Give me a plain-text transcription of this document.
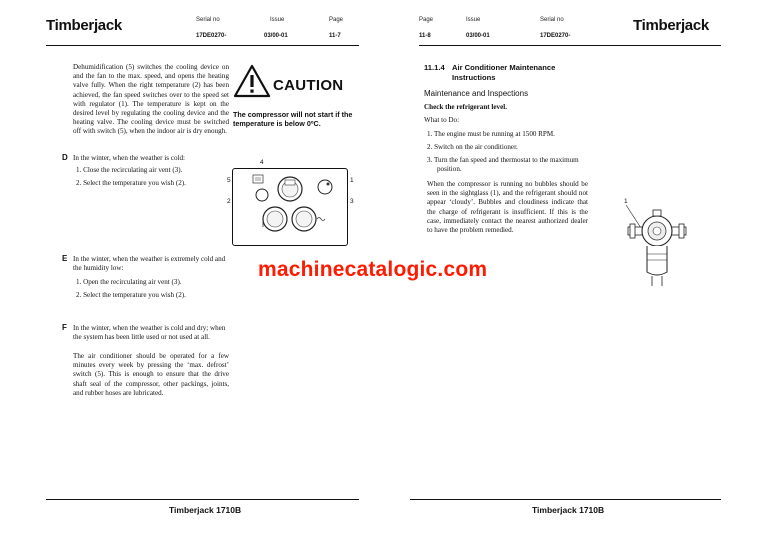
Timberjack	Serial no
17DE0270-
Issue
03/00-01
Page
11-7
Page
11-8
Issue
03/00-01
Serial no
17DE0270-
Timberjack

Dehumidification (5) switches the cooling device on and the fan to the max. speed, and opens the heating valve fully. When the right temperature (2) has been achieved, the fan speed switches over to the speed set with regulator (1). The temperature is kept on the desired level by regulating the cooling device and the heating valve. The cooling device must be switched off with switch (5), when the indoor air is dry enough.

CAUTION
The compressor will not start if the temperature is below 0ºC.
D In the winter, when the weather is cold:
1. Close the recirculating air vent (3).
2. Select the temperature you wish (2).
4
5	1
2	3
E In the winter, when the weather is extremely cold and the humidity low:
1. Open the recirculating air vent (3).
2. Select the temperature you wish (2).
F In the winter, when the weather is cold and dry; when the system has been little used or not used at all.

The air conditioner should be operated for a few minutes every week by pressing the ‘max. defrost’ switch (5). This is enough to ensure that the drive shaft seal of the compressor, other packings, joints, and rubber hoses are lubricated.

machinecatalogic.com
11.1.4 Air Conditioner Maintenance Instructions
Maintenance and Inspections
Check the refrigerant level.
What to Do:
1. The engine must be running at 1500 RPM.
2. Switch on the air conditioner.
3. Turn the fan speed and thermostat to the maximum position.

When the compressor is running no bubbles should be seen in the sightglass (1), and the refrigerant should not appear ‘cloudy’. Bubbles and cloudiness indicate that the charge of refrigerant is insufficient. If this is the case, immediately contact the nearest authorized dealer to have the problem remedied.

1
Timberjack 1710B	Timberjack 1710B
